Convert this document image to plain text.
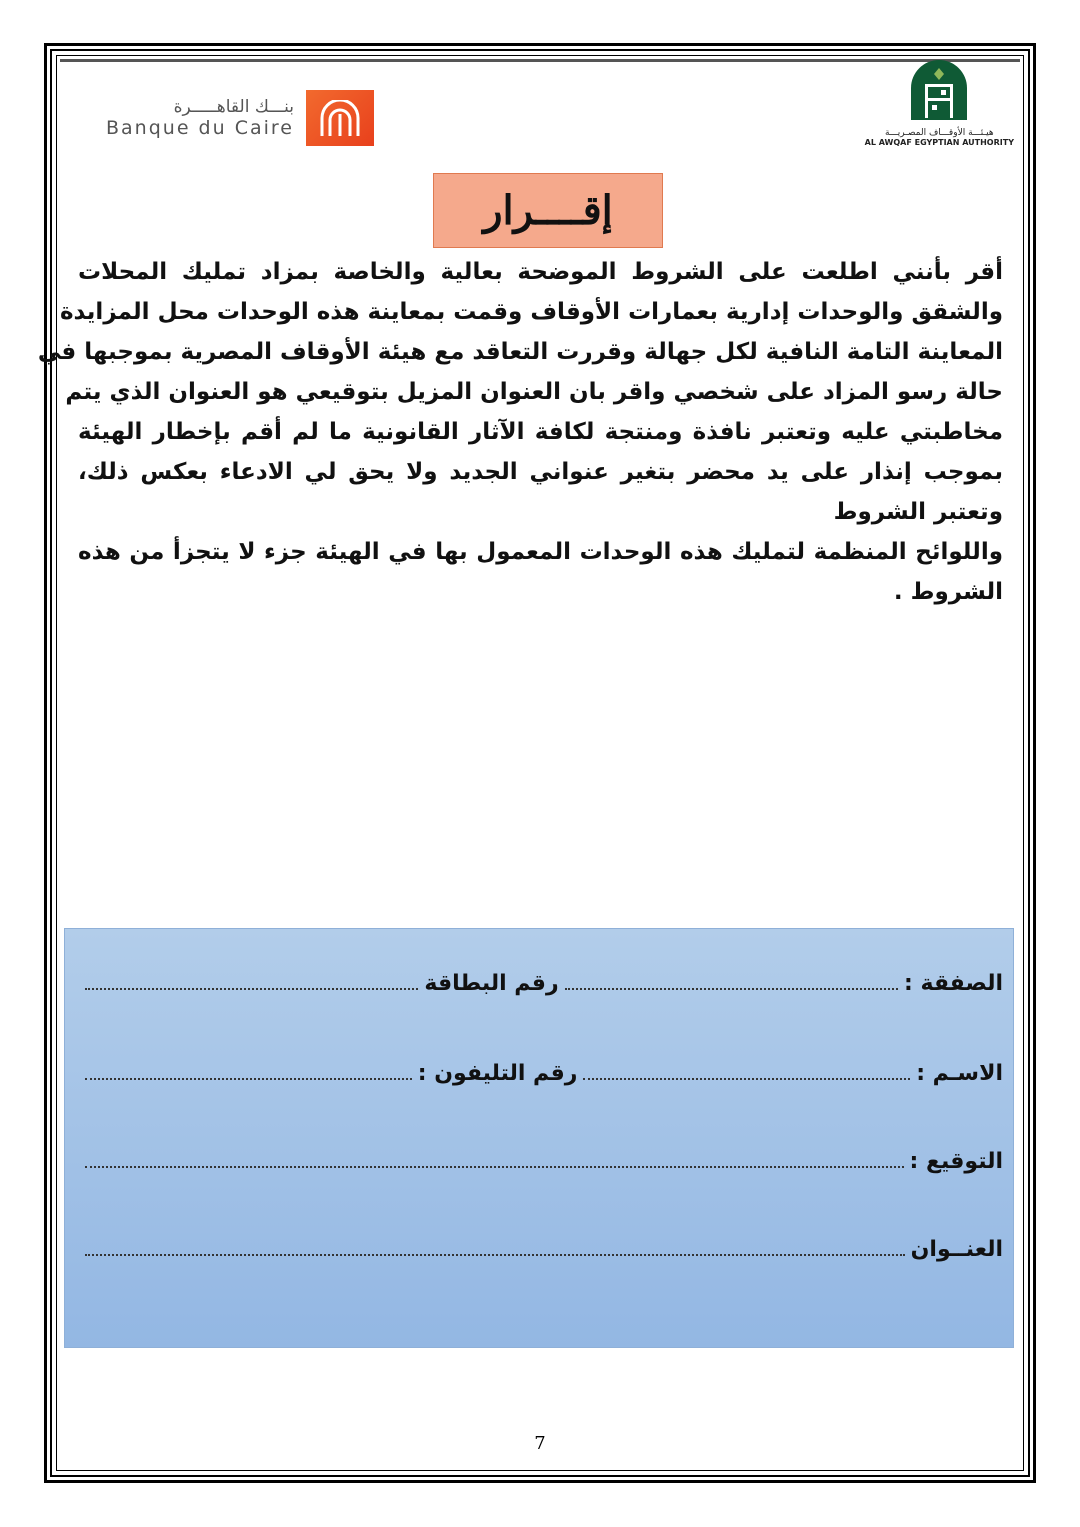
بنـــك القاهـــــرة
Banque du Caire	هيـئـــة الأوقـــاف المصـريـــة
AL AWQAF EGYPTIAN AUTHORITY
إقــــرار
أقر بأنني اطلعت على الشروط الموضحة بعالية والخاصة بمزاد تمليك المحلات
والشقق والوحدات إدارية بعمارات الأوقاف وقمت بمعاينة هذه الوحدات محل المزايدة
المعاينة التامة النافية لكل جهالة وقررت التعاقد مع هيئة الأوقاف المصرية بموجبها في
حالة رسو المزاد على شخصي واقر بان العنوان المزيل بتوقيعي هو العنوان الذي يتم
مخاطبتي عليه وتعتبر نافذة ومنتجة لكافة الآثار القانونية ما لم أقم بإخطار الهيئة
بموجب إنذار على يد محضر بتغير عنواني الجديد ولا يحق لي الادعاء بعكس ذلك،
وتعتبر الشروط
واللوائح المنظمة لتمليك هذه الوحدات المعمول بها في الهيئة جزء لا يتجزأ من هذه
الشروط .
الصفقة :
رقم البطاقة
الاسـم :
رقم التليفون :
التوقيع :
العنــوان
7
